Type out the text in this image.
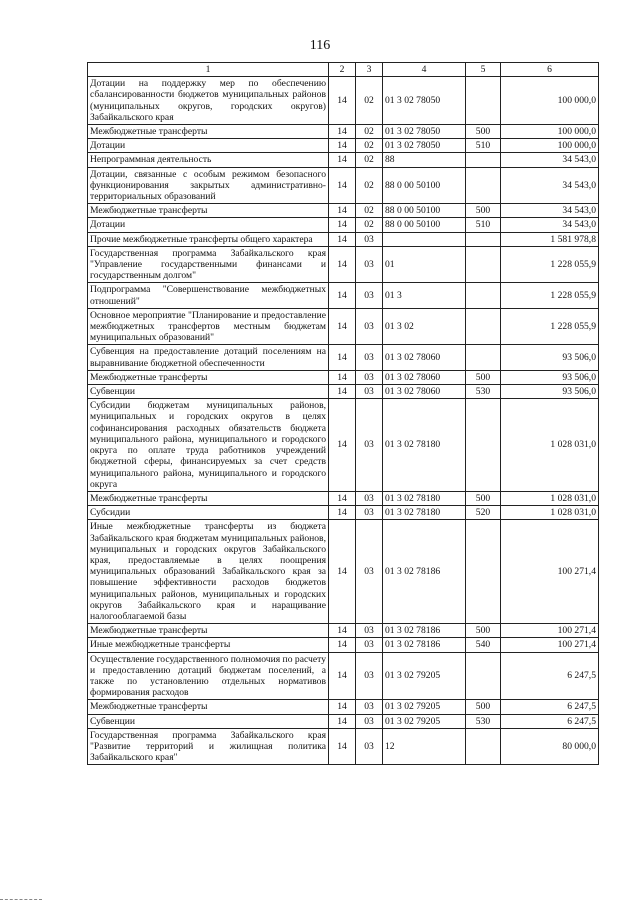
116
1	2	3	4	5	6
Дотации на поддержку мер по обеспечению сбалансированности бюджетов муниципальных районов (муниципальных округов, городских округов) Забайкальского края	14	02	01 3 02 78050		100 000,0
Межбюджетные трансферты	14	02	01 3 02 78050	500	100 000,0
Дотации	14	02	01 3 02 78050	510	100 000,0
Непрограммная деятельность	14	02	88		34 543,0
Дотации, связанные с особым режимом безопасного функционирования закрытых административно-территориальных образований	14	02	88 0 00 50100		34 543,0
Межбюджетные трансферты	14	02	88 0 00 50100	500	34 543,0
Дотации	14	02	88 0 00 50100	510	34 543,0
Прочие межбюджетные трансферты общего характера	14	03			1 581 978,8
Государственная программа Забайкальского края "Управление государственными финансами и государственным долгом"	14	03	01		1 228 055,9
Подпрограмма "Совершенствование межбюджетных отношений"	14	03	01 3		1 228 055,9
Основное мероприятие "Планирование и предоставление межбюджетных трансфертов местным бюджетам муниципальных образований"	14	03	01 3 02		1 228 055,9
Субвенция на предоставление дотаций поселениям на выравнивание бюджетной обеспеченности	14	03	01 3 02 78060		93 506,0
Межбюджетные трансферты	14	03	01 3 02 78060	500	93 506,0
Субвенции	14	03	01 3 02 78060	530	93 506,0
Субсидии бюджетам муниципальных районов, муниципальных и городских округов в целях софинансирования расходных обязательств бюджета муниципального района, муниципального и городского округа по оплате труда работников учреждений бюджетной сферы, финансируемых за счет средств муниципального района, муниципального и городского округа	14	03	01 3 02 78180		1 028 031,0
Межбюджетные трансферты	14	03	01 3 02 78180	500	1 028 031,0
Субсидии	14	03	01 3 02 78180	520	1 028 031,0
Иные межбюджетные трансферты из бюджета Забайкальского края бюджетам муниципальных районов, муниципальных и городских округов Забайкальского края, предоставляемые в целях поощрения муниципальных образований Забайкальского края за повышение эффективности расходов бюджетов муниципальных районов, муниципальных и городских округов Забайкальского края и наращивание налогооблагаемой базы	14	03	01 3 02 78186		100 271,4
Межбюджетные трансферты	14	03	01 3 02 78186	500	100 271,4
Иные межбюджетные трансферты	14	03	01 3 02 78186	540	100 271,4
Осуществление государственного полномочия по расчету и предоставлению дотаций бюджетам поселений, а также по установлению отдельных нормативов формирования расходов	14	03	01 3 02 79205		6 247,5
Межбюджетные трансферты	14	03	01 3 02 79205	500	6 247,5
Субвенции	14	03	01 3 02 79205	530	6 247,5
Государственная программа Забайкальского края "Развитие территорий и жилищная политика Забайкальского края"	14	03	12		80 000,0
